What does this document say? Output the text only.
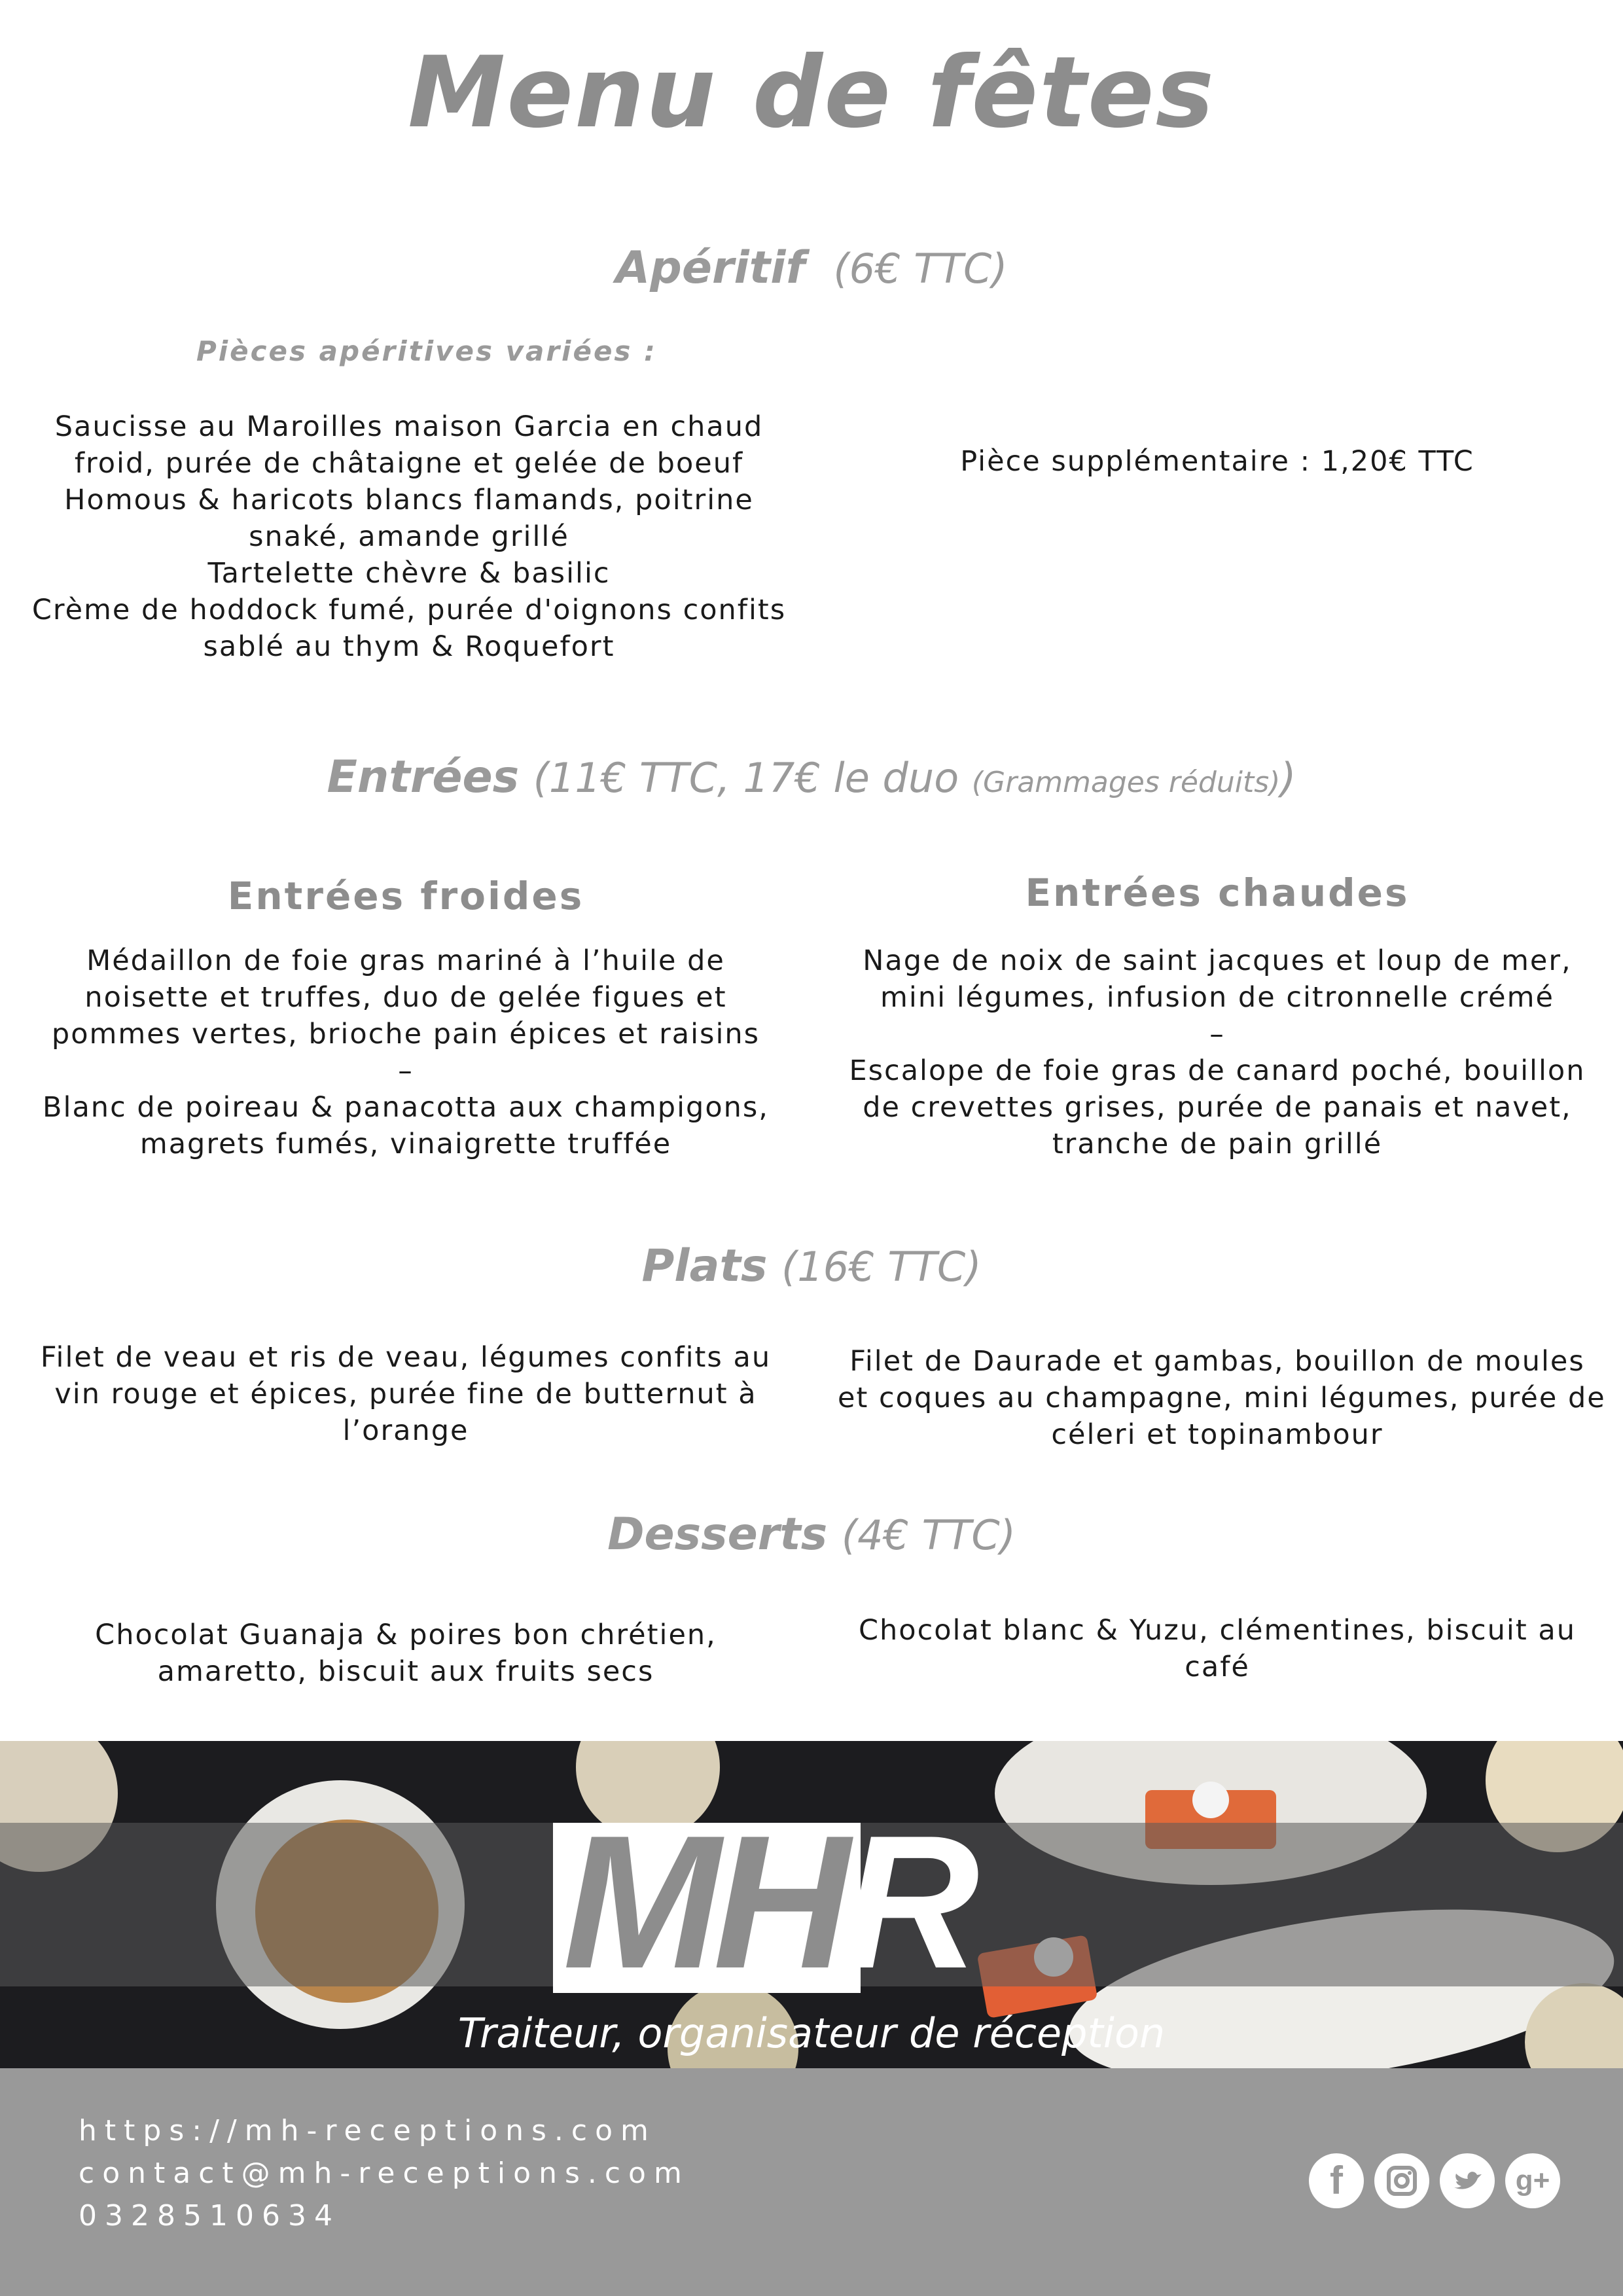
Menu de fêtes
Apéritif (6€ TTC)
Pièces apéritives variées :
Saucisse au Maroilles maison Garcia en chaud
froid, purée de châtaigne et gelée de boeuf
Homous & haricots blancs flamands, poitrine
snaké, amande grillé
Tartelette chèvre & basilic
Crème de hoddock fumé, purée d'oignons confits
sablé au thym & Roquefort
Pièce supplémentaire : 1,20€ TTC
Entrées (11€ TTC, 17€ le duo (Grammages réduits))
Entrées froides	Entrées chaudes
Médaillon de foie gras mariné à l’huile de
noisette et truffes, duo de gelée figues et
pommes vertes, brioche pain épices et raisins
–
Blanc de poireau & panacotta aux champigons,
magrets fumés, vinaigrette truffée
Nage de noix de saint jacques et loup de mer,
mini légumes, infusion de citronnelle crémé
–
Escalope de foie gras de canard poché, bouillon
de crevettes grises, purée de panais et navet,
tranche de pain grillé
Plats (16€ TTC)
Filet de veau et ris de veau, légumes confits au
vin rouge et épices, purée fine de butternut à
l’orange
Filet de Daurade et gambas, bouillon de moules
et coques au champagne, mini légumes, purée de
céleri et topinambour
Desserts (4€ TTC)
Chocolat Guanaja & poires bon chrétien,
amaretto, biscuit aux fruits secs
Chocolat blanc & Yuzu, clémentines, biscuit au
café
MHR
Traiteur, organisateur de réception
https://mh-receptions.com
contact@mh-receptions.com
0328510634
f	g+
